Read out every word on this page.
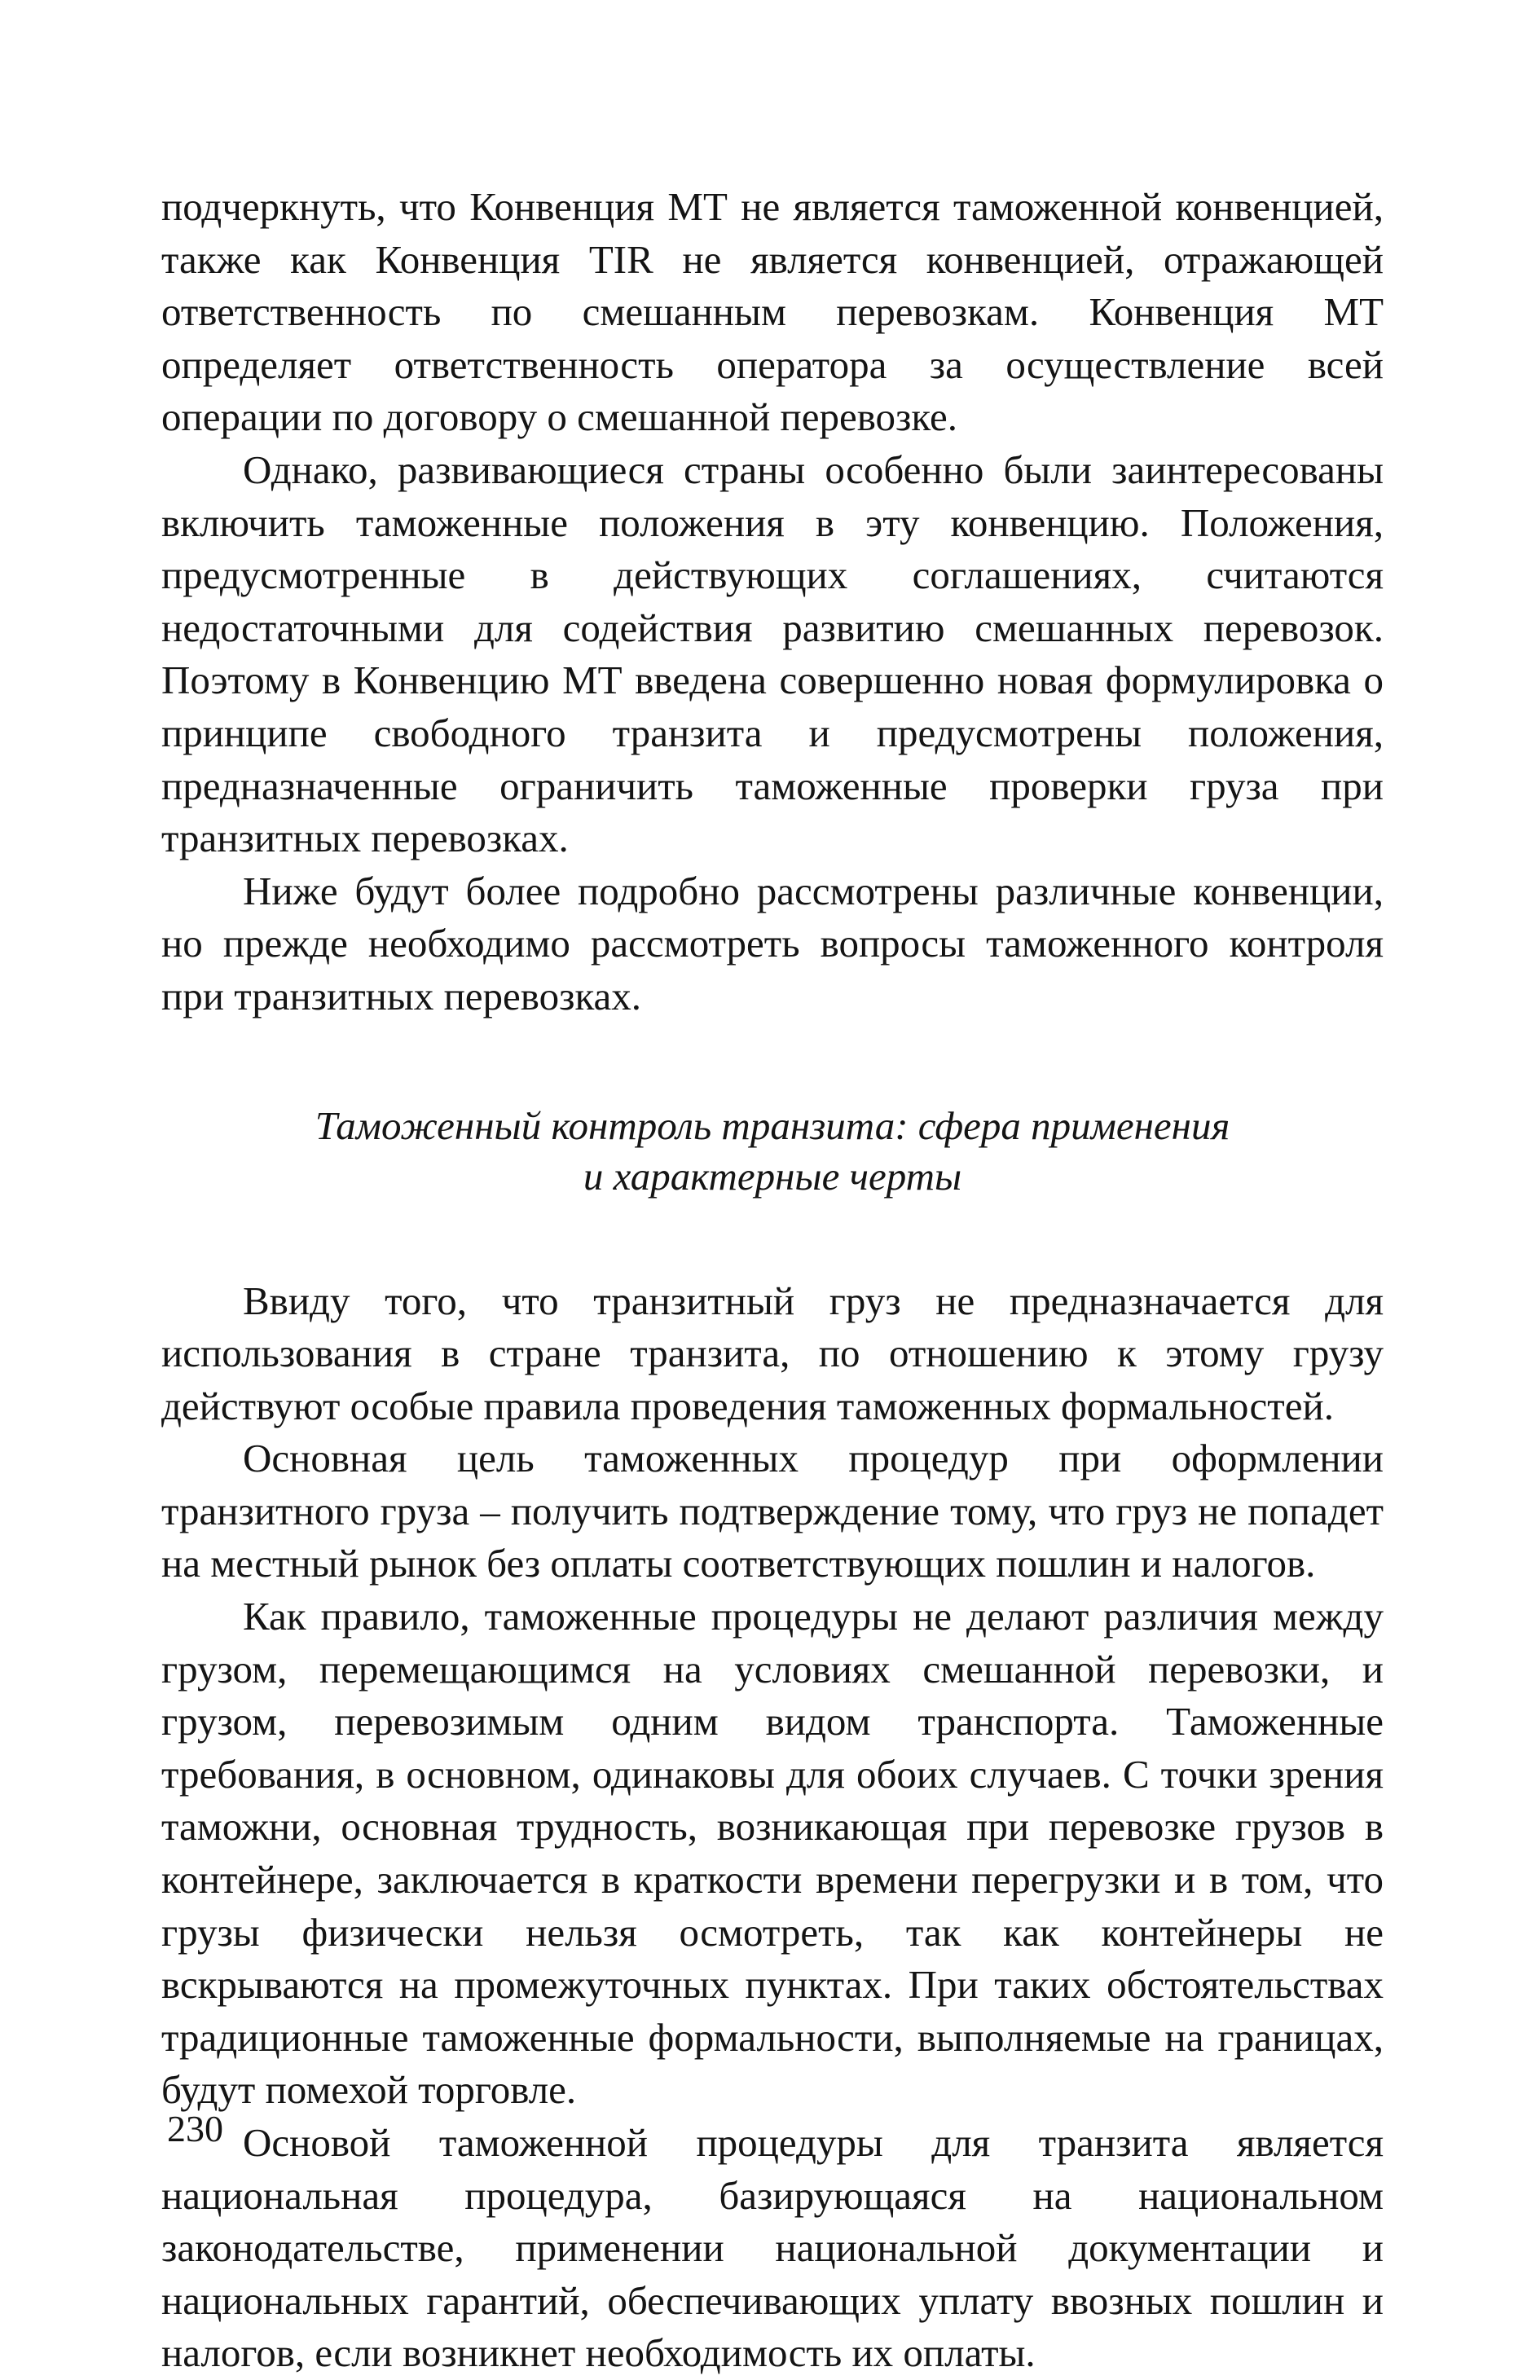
подчеркнуть, что Конвенция МТ не является таможенной конвенцией, также как Конвенция TIR не является конвенцией, отражающей ответственность по смешанным перевозкам. Конвенция МТ определяет ответственность оператора за осуществление всей операции по договору о смешанной перевозке.

Однако, развивающиеся страны особенно были заинтересованы включить таможенные положения в эту конвенцию. Положения, предусмотренные в действующих соглашениях, считаются недостаточными для содействия развитию смешанных перевозок. Поэтому в Конвенцию МТ введена совершенно новая формулировка о принципе свободного транзита и предусмотрены положения, предназначенные ограничить таможенные проверки груза при транзитных перевозках.

Ниже будут более подробно рассмотрены различные конвенции, но прежде необходимо рассмотреть вопросы таможенного контроля при транзитных перевозках.

Таможенный контроль транзита: сфера применения
и характерные черты

Ввиду того, что транзитный груз не предназначается для использования в стране транзита, по отношению к этому грузу действуют особые правила проведения таможенных формальностей.

Основная цель таможенных процедур при оформлении транзитного груза – получить подтверждение тому, что груз не попадет на местный рынок без оплаты соответствующих пошлин и налогов.

Как правило, таможенные процедуры не делают различия между грузом, перемещающимся на условиях смешанной перевозки, и грузом, перевозимым одним видом транспорта. Таможенные требования, в основном, одинаковы для обоих случаев. С точки зрения таможни, основная трудность, возникающая при перевозке грузов в контейнере, заключается в краткости времени перегрузки и в том, что грузы физически нельзя осмотреть, так как контейнеры не вскрываются на промежуточных пунктах. При таких обстоятельствах традиционные таможенные формальности, выполняемые на границах, будут помехой торговле.

Основой таможенной процедуры для транзита является национальная процедура, базирующаяся на национальном законодательстве, применении национальной документации и национальных гарантий, обеспечивающих уплату ввозных пошлин и налогов, если возникнет необходимость их оплаты.

230
